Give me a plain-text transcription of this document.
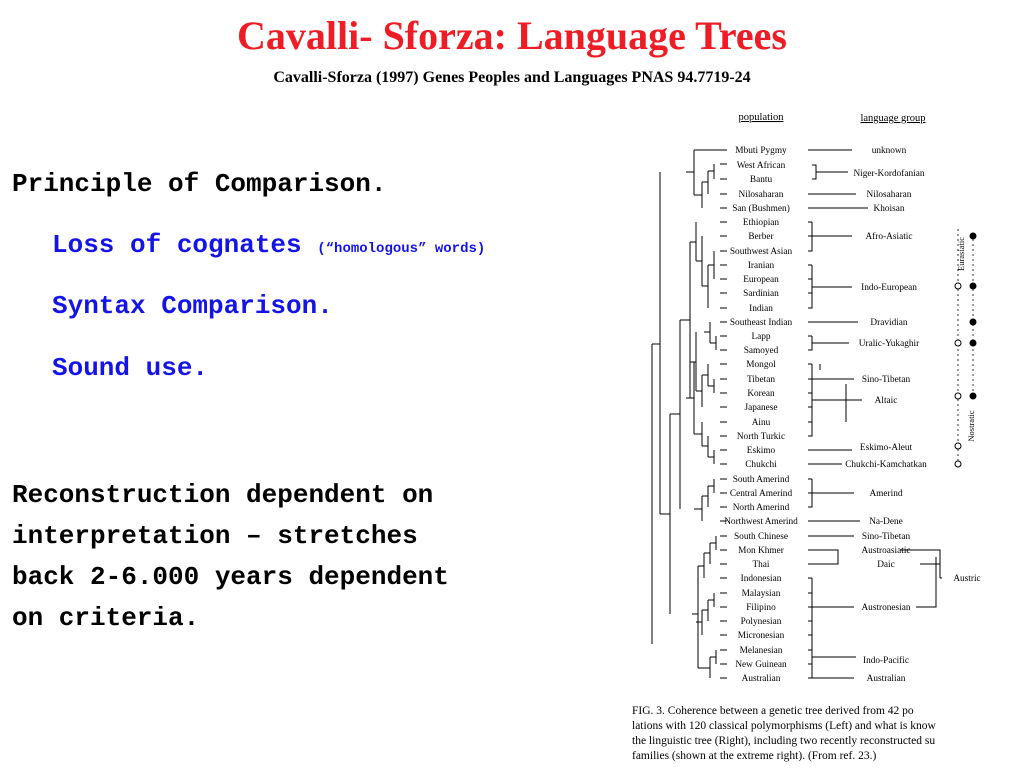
Cavalli- Sforza: Language Trees
Cavalli-Sforza (1997) Genes Peoples and Languages PNAS 94.7719-24
Principle of Comparison.
Loss of cognates (“homologous” words)
Syntax Comparison.
Sound use.
Reconstruction dependent on
interpretation – stretches
back 2-6.000 years dependent
on criteria.
population	language group
Mbuti Pygmy
West African
Bantu
Nilosaharan
San (Bushmen)
Ethiopian
Berber
Southwest Asian
Iranian
European
Sardinian
Indian
Southeast Indian
Lapp
Samoyed
Mongol
Tibetan
Korean
Japanese
Ainu
North Turkic
Eskimo
Chukchi
South Amerind
Central Amerind
North Amerind
Northwest Amerind
South Chinese
Mon Khmer
Thai
Indonesian
Malaysian
Filipino
Polynesian
Micronesian
Melanesian
New Guinean
Australian
unknown
Niger-Kordofanian
Nilosaharan
Khoisan
Afro-Asiatic
Indo-European
Dravidian
Uralic-Yukaghir
Sino-Tibetan
Altaic
Eskimo-Aleut
Chukchi-Kamchatkan
Amerind
Na-Dene
Sino-Tibetan
Austroasiatic
Daic
Austronesian
Indo-Pacific
Australian
Austric
Eurasiatic
Nostratic
FIG. 3. Coherence between a genetic tree derived from 42 po
lations with 120 classical polymorphisms (Left) and what is know
the linguistic tree (Right), including two recently reconstructed su
families (shown at the extreme right). (From ref. 23.)
